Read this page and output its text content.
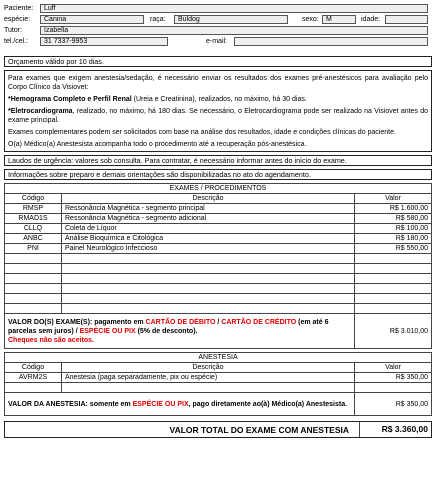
Paciente:	Luff
espécie:	Canina	raça:	Buldog	sexo:	M	idade:
Tutor:	Izabella
tel./cel.:	31 7337-9953	e-mail:
Orçamento válido por 10 dias.

Para exames que exigem anestesia/sedação, é necessário enviar os resultados dos exames pré-anestésicos para avaliação pelo Corpo Clínico da Visiovet:

*Hemograma Completo e Perfil Renal (Ureia e Creatinina), realizados, no máximo, há 30 dias.

*Eletrocardiograma, realizado, no máximo, há 180 dias. Se necessário, o Eletrocardiograma pode ser realizado na Visiovet antes do exame principal.

Exames complementares podem ser solicitados com base na análise dos resultados, idade e condições clínicas do paciente.

O(a) Médico(a) Anestesista acompanha todo o procedimento até a recuperação pós-anestésica.

Laudos de urgência: valores sob consulta. Para contratar, é necessário informar antes do início do exame.
Informações sobre preparo e demais orientações são disponibilizadas no ato do agendamento.
EXAMES / PROCEDIMENTOS		
Código	Descrição	Valor
RMSP	Ressonância Magnética - segmento principal	R$ 1.600,00
RMAD1S	Ressonância Magnética - segmento adicional	R$ 580,00
CLLQ	Coleta de Líquor	R$ 100,00
ANBC	Análise Bioquímica e Citológica	R$ 180,00
PNI	Painel Neurológico Infeccioso	R$ 550,00

VALOR DO(S) EXAME(S): pagamento em CARTÃO DE DÉBITO / CARTÃO DE CRÉDITO (em até 6 parcelas sem juros) / ESPÉCIE OU PIX (5% de desconto).
Cheques não são aceitos.		R$ 3.010,00
ANESTESIA		
Código	Descrição	Valor
AVRM2S	Anestesia (paga separadamente, pix ou espécie)	R$ 350,00

VALOR DA ANESTESIA: somente em ESPÉCIE OU PIX, pago diretamente ao(à) Médico(a) Anestesista.		R$ 350,00
VALOR TOTAL DO EXAME COM ANESTESIA	R$ 3.360,00
